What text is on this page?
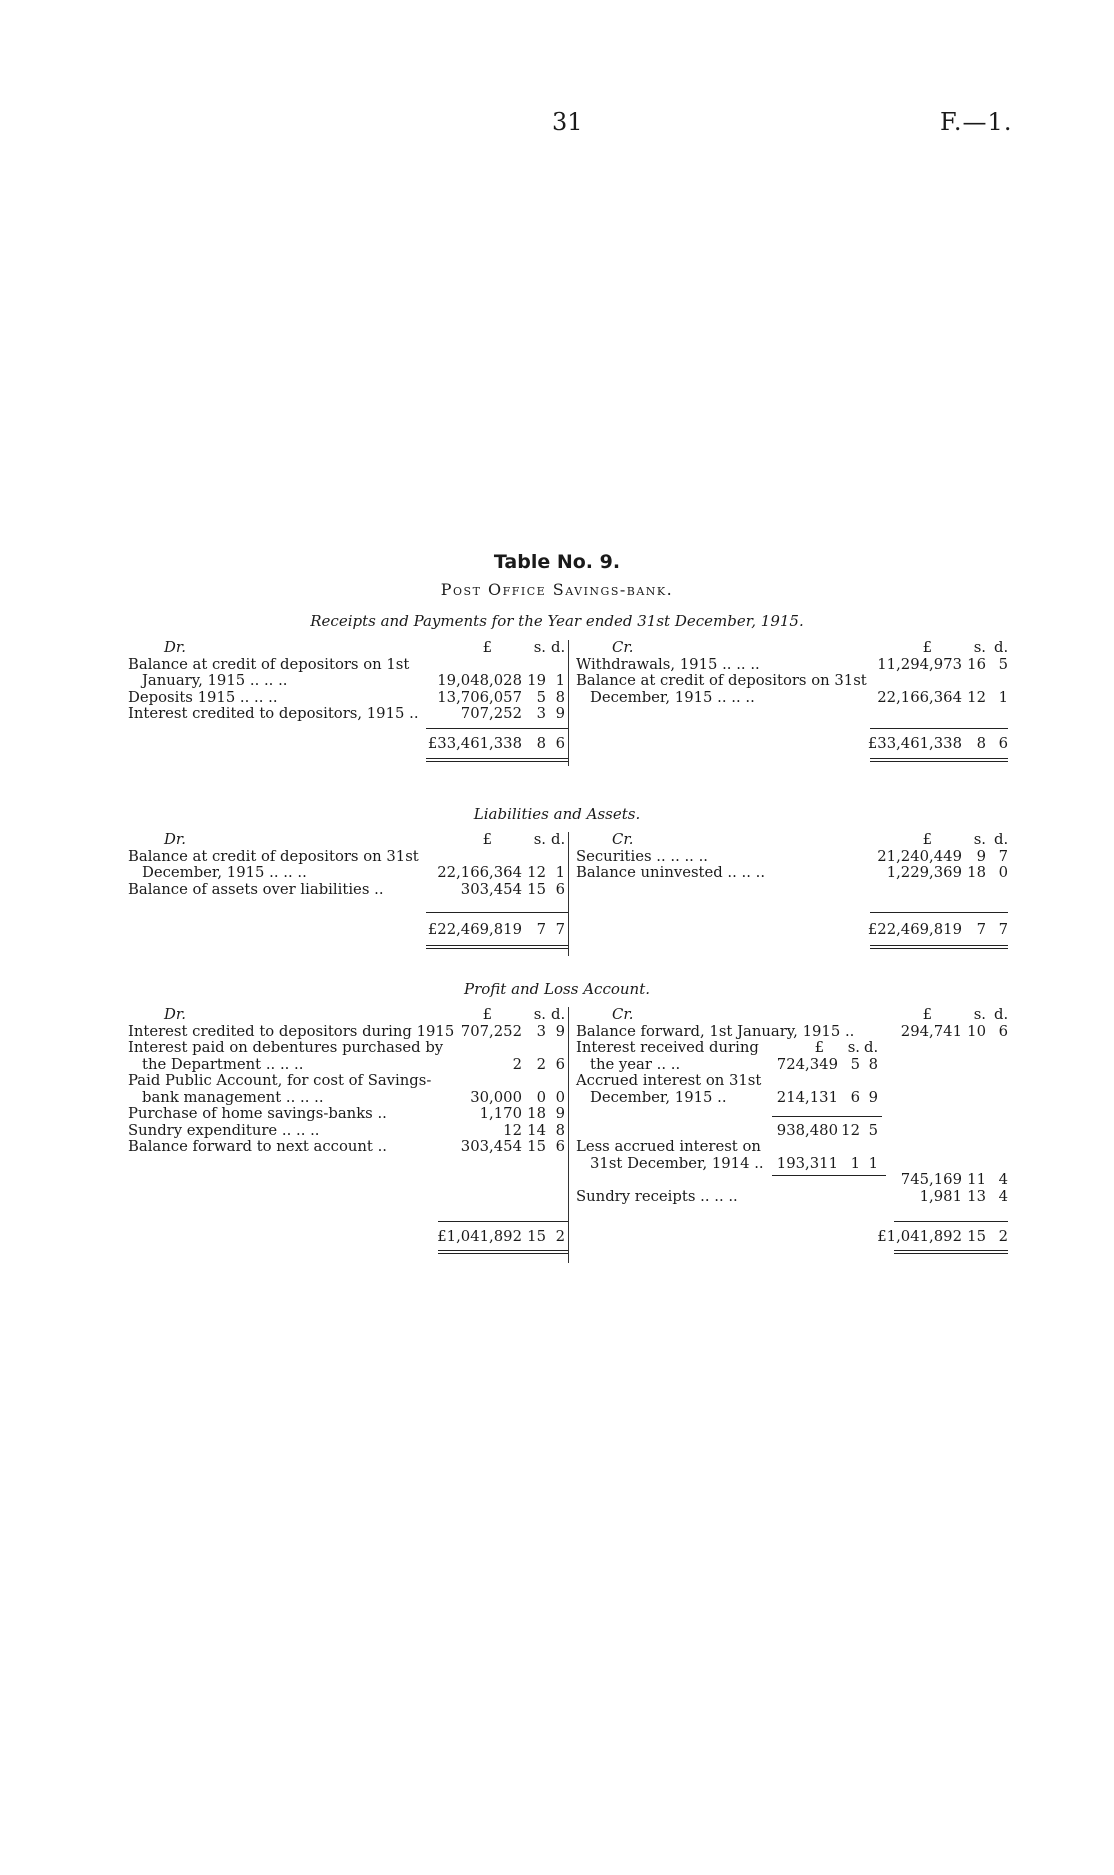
31	F.—1.
Table No. 9.
Post Office Savings-bank.
Receipts and Payments for the Year ended 31st December, 1915.
Dr.	£	s. d.
Balance at credit of depositors on 1st
January, 1915 .. .. ..	19,048,028 19 1
Deposits 1915 .. .. ..	13,706,057 5 8
Interest credited to depositors, 1915 ..	707,252 3 9
£33,461,338 8 6
Cr.	£	s. d.
Withdrawals, 1915 .. .. ..	11,294,973 16 5
Balance at credit of depositors on 31st
December, 1915 .. .. ..	22,166,364 12 1
£33,461,338 8 6
Liabilities and Assets.
Dr.	£	s. d.
Balance at credit of depositors on 31st
December, 1915 .. .. ..	22,166,364 12 1
Balance of assets over liabilities ..	303,454 15 6
£22,469,819 7 7
Cr.	£	s. d.
Securities .. .. .. ..	21,240,449 9 7
Balance uninvested .. .. ..	1,229,369 18 0
£22,469,819 7 7
Profit and Loss Account.
Dr.	£	s. d.
Interest credited to depositors during 1915 707,252 3 9
Interest paid on debentures purchased by
the Department .. .. ..	2 2 6
Paid Public Account, for cost of Savings-
bank management .. .. ..	30,000 0 0
Purchase of home savings-banks ..	1,170 18 9
Sundry expenditure .. .. ..	12 14 8
Balance forward to next account ..	303,454 15 6
£1,041,892 15 2
Cr.	£	s. d.
Balance forward, 1st January, 1915 ..	294,741 10 6
Interest received during	£	s. d.
the year .. ..	724,349 5 8
Accrued interest on 31st
December, 1915 ..	214,131 6 9
938,480 12 5
Less accrued interest on
31st December, 1914 .. 193,311 1 1
745,169 11 4
Sundry receipts .. .. ..	1,981 13 4
£1,041,892 15 2
